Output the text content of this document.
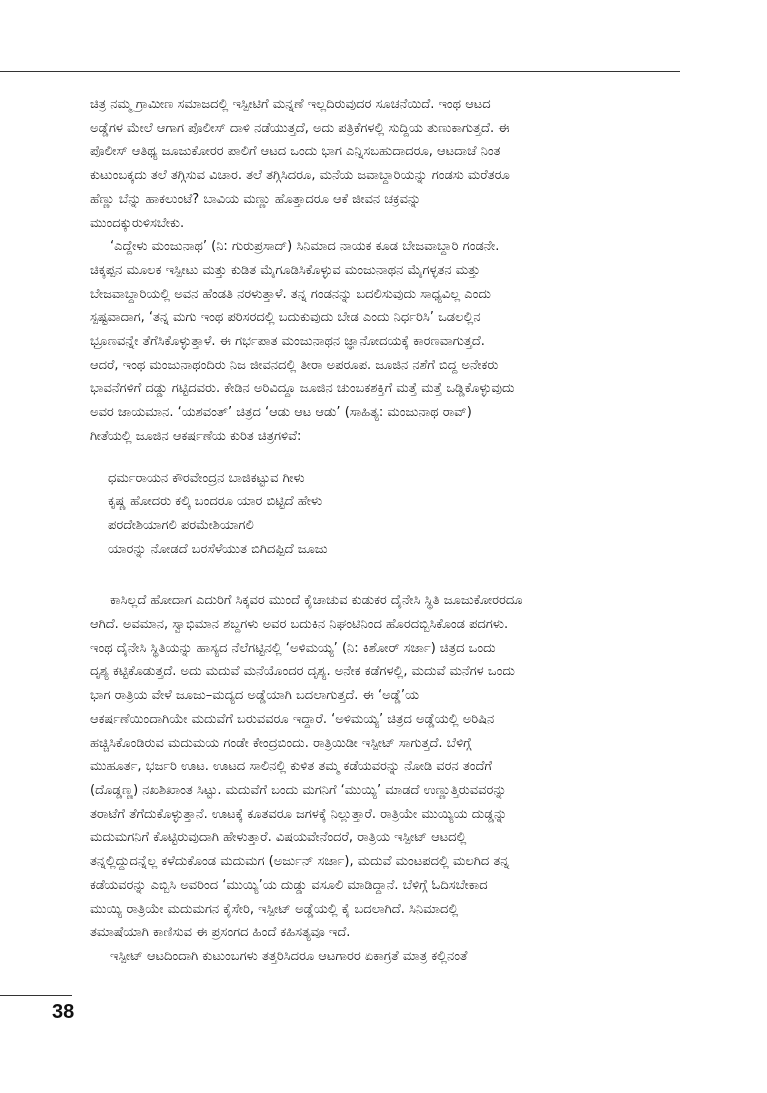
ಚಿತ್ರ ನಮ್ಮ ಗ್ರಾಮೀಣ ಸಮಾಜದಲ್ಲಿ ಇಸ್ಪೀಟಿಗೆ ಮನ್ನಣೆ ಇಲ್ಲದಿರುವುದರ ಸೂಚನೆಯಿದೆ. ಇಂಥ ಆಟದ
ಅಡ್ಡೆಗಳ ಮೇಲೆ ಆಗಾಗ ಪೊಲೀಸ್ ದಾಳಿ ನಡೆಯುತ್ತದೆ, ಅದು ಪತ್ರಿಕೆಗಳಲ್ಲಿ ಸುದ್ದಿಯ ತುಣುಕಾಗುತ್ತದೆ. ಈ
ಪೊಲೀಸ್ ಆತಿಥ್ಯ ಜೂಜುಕೋರರ ಪಾಲಿಗೆ ಆಟದ ಒಂದು ಭಾಗ ಎನ್ನಿಸಬಹುದಾದರೂ, ಆಟದಾಚೆ ನಿಂತ
ಕುಟುಂಬಕ್ಕದು ತಲೆ ತಗ್ಗಿಸುವ ವಿಚಾರ. ತಲೆ ತಗ್ಗಿಸಿದರೂ, ಮನೆಯ ಜವಾಬ್ದಾರಿಯನ್ನು ಗಂಡಸು ಮರೆತರೂ
ಹೆಣ್ಣು ಬೆನ್ನು ಹಾಕಲುಂಟೆ? ಬಾವಿಯ ಮಣ್ಣು ಹೊತ್ತಾದರೂ ಆಕೆ ಜೀವನ ಚಕ್ರವನ್ನು
ಮುಂದಕ್ಕುರುಳಿಸಬೇಕು.
‘ಎದ್ದೇಳು ಮಂಜುನಾಥ’ (ನಿ: ಗುರುಪ್ರಸಾದ್) ಸಿನಿಮಾದ ನಾಯಕ ಕೂಡ ಬೇಜವಾಬ್ದಾರಿ ಗಂಡನೇ.
ಚಿಕ್ಕಪ್ಪನ ಮೂಲಕ ಇಸ್ಪೀಟು ಮತ್ತು ಕುಡಿತ ಮೈಗೂಡಿಸಿಕೊಳ್ಳುವ ಮಂಜುನಾಥನ ಮೈಗಳ್ಳತನ ಮತ್ತು
ಬೇಜವಾಬ್ದಾರಿಯಲ್ಲಿ ಅವನ ಹೆಂಡತಿ ನರಳುತ್ತಾಳೆ. ತನ್ನ ಗಂಡನನ್ನು ಬದಲಿಸುವುದು ಸಾಧ್ಯವಿಲ್ಲ ಎಂದು
ಸ್ಪಷ್ಟವಾದಾಗ, ‘ತನ್ನ ಮಗು ಇಂಥ ಪರಿಸರದಲ್ಲಿ ಬದುಕುವುದು ಬೇಡ ಎಂದು ನಿರ್ಧರಿಸಿ’ ಒಡಲಲ್ಲಿನ
ಭ್ರೂಣವನ್ನೇ ತೆಗೆಸಿಕೊಳ್ಳುತ್ತಾಳೆ. ಈ ಗರ್ಭಪಾತ ಮಂಜುನಾಥನ ಜ್ಞಾನೋದಯಕ್ಕೆ ಕಾರಣವಾಗುತ್ತದೆ.
ಆದರೆ, ಇಂಥ ಮಂಜುನಾಥಂದಿರು ನಿಜ ಜೀವನದಲ್ಲಿ ತೀರಾ ಅಪರೂಪ. ಜೂಜಿನ ನಶೆಗೆ ಬಿದ್ದ ಅನೇಕರು
ಭಾವನೆಗಳಿಗೆ ದಡ್ಡು ಗಟ್ಟಿದವರು. ಕೇಡಿನ ಅರಿವಿದ್ದೂ ಜೂಜಿನ ಚುಂಬಕಶಕ್ತಿಗೆ ಮತ್ತೆ ಮತ್ತೆ ಒಡ್ಡಿಕೊಳ್ಳುವುದು
ಅವರ ಜಾಯಮಾನ. ‘ಯಶವಂತ್’ ಚಿತ್ರದ ‘ಆಡು ಆಟ ಆಡು’ (ಸಾಹಿತ್ಯ: ಮಂಜುನಾಥ ರಾವ್)
ಗೀತೆಯಲ್ಲಿ ಜೂಜಿನ ಆಕರ್ಷಣೆಯ ಕುರಿತ ಚಿತ್ರಗಳಿವೆ:
ಧರ್ಮರಾಯನ ಕೌರವೇಂದ್ರನ ಬಾಜಿಕಟ್ಟುವ ಗೀಳು
ಕೃಷ್ಣ ಹೋದರು ಕಲ್ಕಿ ಬಂದರೂ ಯಾರ ಬಿಟ್ಟಿದೆ ಹೇಳು
ಪರದೇಶಿಯಾಗಲಿ ಪರಮೇಶಿಯಾಗಲಿ
ಯಾರನ್ನು ನೋಡದೆ ಬರಸೆಳೆಯುತ ಬಿಗಿದಪ್ಪಿದೆ ಜೂಜು
ಕಾಸಿಲ್ಲದೆ ಹೋದಾಗ ಎದುರಿಗೆ ಸಿಕ್ಕವರ ಮುಂದೆ ಕೈಚಾಚುವ ಕುಡುಕರ ದೈನೇಸಿ ಸ್ಥಿತಿ ಜೂಜುಕೋರರದೂ
ಆಗಿದೆ. ಅವಮಾನ, ಸ್ವಾಭಿಮಾನ ಶಬ್ದಗಳು ಅವರ ಬದುಕಿನ ನಿಘಂಟಿನಿಂದ ಹೊರದಬ್ಬಿಸಿಕೊಂಡ ಪದಗಳು.
ಇಂಥ ದೈನೇಸಿ ಸ್ಥಿತಿಯನ್ನು ಹಾಸ್ಯದ ನೆಲೆಗಟ್ಟಿನಲ್ಲಿ ‘ಅಳಿಮಯ್ಯ’ (ನಿ: ಕಿಶೋರ್ ಸರ್ಜಾ) ಚಿತ್ರದ ಒಂದು
ದೃಶ್ಯ ಕಟ್ಟಿಕೊಡುತ್ತದೆ. ಅದು ಮದುವೆ ಮನೆಯೊಂದರ ದೃಶ್ಯ. ಅನೇಕ ಕಡೆಗಳಲ್ಲಿ, ಮದುವೆ ಮನೆಗಳ ಒಂದು
ಭಾಗ ರಾತ್ರಿಯ ವೇಳೆ ಜೂಜು–ಮದ್ಯದ ಅಡ್ಡೆಯಾಗಿ ಬದಲಾಗುತ್ತದೆ. ಈ ‘ಅಡ್ಡೆ’ಯ
ಆಕರ್ಷಣೆಯಿಂದಾಗಿಯೇ ಮದುವೆಗೆ ಬರುವವರೂ ಇದ್ದಾರೆ. ‘ಅಳಿಮಯ್ಯ’ ಚಿತ್ರದ ಅಡ್ಡೆಯಲ್ಲಿ ಅರಿಷಿನ
ಹಚ್ಚಿಸಿಕೊಂಡಿರುವ ಮದುಮಯ ಗಂಡೇ ಕೇಂದ್ರಬಿಂದು. ರಾತ್ರಿಯಿಡೀ ಇಸ್ಪೀಟ್ ಸಾಗುತ್ತದೆ. ಬೆಳಿಗ್ಗೆ
ಮುಹೂರ್ತ, ಭರ್ಜರಿ ಊಟ. ಊಟದ ಸಾಲಿನಲ್ಲಿ ಕುಳಿತ ತಮ್ಮ ಕಡೆಯವರನ್ನು ನೋಡಿ ವರನ ತಂದೆಗೆ
(ದೊಡ್ಡಣ್ಣ) ನಖಶಿಖಾಂತ ಸಿಟ್ಟು. ಮದುವೆಗೆ ಬಂದು ಮಗನಿಗೆ ‘ಮುಯ್ಯಿ’ ಮಾಡದೆ ಉಣ್ಣುತ್ತಿರುವವರನ್ನು
ತರಾಟೆಗೆ ತೆಗೆದುಕೊಳ್ಳುತ್ತಾನೆ. ಊಟಕ್ಕೆ ಕೂತವರೂ ಜಗಳಕ್ಕೆ ನಿಲ್ಲುತ್ತಾರೆ. ರಾತ್ರಿಯೇ ಮುಯ್ಯಿಯ ದುಡ್ಡನ್ನು
ಮದುಮಗನಿಗೆ ಕೊಟ್ಟಿರುವುದಾಗಿ ಹೇಳುತ್ತಾರೆ. ವಿಷಯವೇನೆಂದರೆ, ರಾತ್ರಿಯ ಇಸ್ಪೀಟ್ ಆಟದಲ್ಲಿ
ತನ್ನಲ್ಲಿದ್ದುದನ್ನೆಲ್ಲ ಕಳೆದುಕೊಂಡ ಮದುಮಗ (ಅರ್ಜುನ್ ಸರ್ಜಾ), ಮದುವೆ ಮಂಟಪದಲ್ಲಿ ಮಲಗಿದ ತನ್ನ
ಕಡೆಯವರನ್ನು ಎಬ್ಬಿಸಿ ಅವರಿಂದ ‘ಮುಯ್ಯಿ’ಯ ದುಡ್ಡು ವಸೂಲಿ ಮಾಡಿದ್ದಾನೆ. ಬೆಳಿಗ್ಗೆ ಓದಿಸಬೇಕಾದ
ಮುಯ್ಯಿ ರಾತ್ರಿಯೇ ಮದುಮಗನ ಕೈಸೇರಿ, ಇಸ್ಪೀಟ್ ಅಡ್ಡೆಯಲ್ಲಿ ಕೈ ಬದಲಾಗಿದೆ. ಸಿನಿಮಾದಲ್ಲಿ
ತಮಾಷೆಯಾಗಿ ಕಾಣಿಸುವ ಈ ಪ್ರಸಂಗದ ಹಿಂದೆ ಕಹಿಸತ್ಯವೂ ಇದೆ.
ಇಸ್ಪೀಟ್ ಆಟದಿಂದಾಗಿ ಕುಟುಂಬಗಳು ತತ್ತರಿಸಿದರೂ ಆಟಗಾರರ ಏಕಾಗ್ರತೆ ಮಾತ್ರ ಕಲ್ಲಿನಂತೆ
38
